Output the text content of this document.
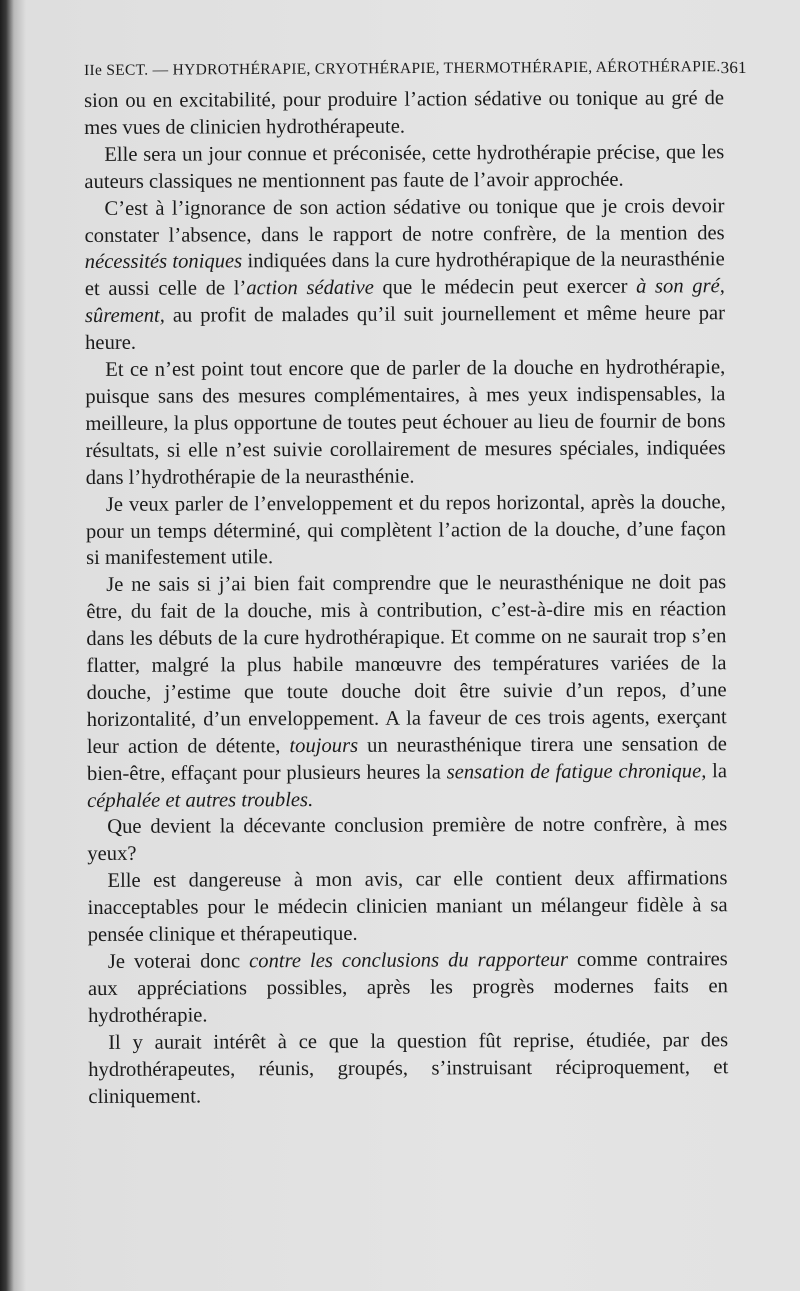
IIe SECT. — HYDROTHÉRAPIE, CRYOTHÉRAPIE, THERMOTHÉRAPIE, AÉROTHÉRAPIE. 361

sion ou en excitabilité, pour produire l’action sédative ou tonique au gré de mes vues de clinicien hydrothérapeute.

Elle sera un jour connue et préconisée, cette hydrothérapie précise, que les auteurs classiques ne mentionnent pas faute de l’avoir approchée.

C’est à l’ignorance de son action sédative ou tonique que je crois devoir constater l’absence, dans le rapport de notre confrère, de la mention des nécessités toniques indiquées dans la cure hydrothérapique de la neurasthénie et aussi celle de l’action sédative que le médecin peut exercer à son gré, sûrement, au profit de malades qu’il suit journellement et même heure par heure.

Et ce n’est point tout encore que de parler de la douche en hydrothérapie, puisque sans des mesures complémentaires, à mes yeux indispensables, la meilleure, la plus opportune de toutes peut échouer au lieu de fournir de bons résultats, si elle n’est suivie corollairement de mesures spéciales, indiquées dans l’hydrothérapie de la neurasthénie.

Je veux parler de l’enveloppement et du repos horizontal, après la douche, pour un temps déterminé, qui complètent l’action de la douche, d’une façon si manifestement utile.

Je ne sais si j’ai bien fait comprendre que le neurasthénique ne doit pas être, du fait de la douche, mis à contribution, c’est-à-dire mis en réaction dans les débuts de la cure hydrothérapique. Et comme on ne saurait trop s’en flatter, malgré la plus habile manœuvre des températures variées de la douche, j’estime que toute douche doit être suivie d’un repos, d’une horizontalité, d’un enveloppement. A la faveur de ces trois agents, exerçant leur action de détente, toujours un neurasthénique tirera une sensation de bien-être, effaçant pour plusieurs heures la sensation de fatigue chronique, la céphalée et autres troubles.

Que devient la décevante conclusion première de notre confrère, à mes yeux?

Elle est dangereuse à mon avis, car elle contient deux affirmations inacceptables pour le médecin clinicien maniant un mélangeur fidèle à sa pensée clinique et thérapeutique.

Je voterai donc contre les conclusions du rapporteur comme contraires aux appréciations possibles, après les progrès modernes faits en hydrothérapie.

Il y aurait intérêt à ce que la question fût reprise, étudiée, par des hydrothérapeutes, réunis, groupés, s’instruisant réciproquement, et cliniquement.
